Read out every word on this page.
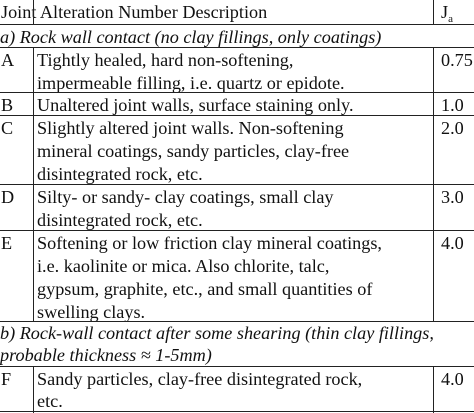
Joint Alteration Number Description	$J_a$
a) Rock wall contact (no clay fillings, only coatings)
A Tightly healed, hard non-softening,
impermeable filling, i.e. quartz or epidote.
0.75
B Unaltered joint walls, surface staining only.	1.0
C Slightly altered joint walls. Non-softening
mineral coatings, sandy particles, clay-free
disintegrated rock, etc.
2.0
D Silty- or sandy- clay coatings, small clay
disintegrated rock, etc.
3.0
E Softening or low friction clay mineral coatings,
i.e. kaolinite or mica. Also chlorite, talc,
gypsum, graphite, etc., and small quantities of
swelling clays.
4.0
b) Rock-wall contact after some shearing (thin clay fillings,
probable thickness ≈ 1-5mm)
F Sandy particles, clay-free disintegrated rock,
etc.
4.0
